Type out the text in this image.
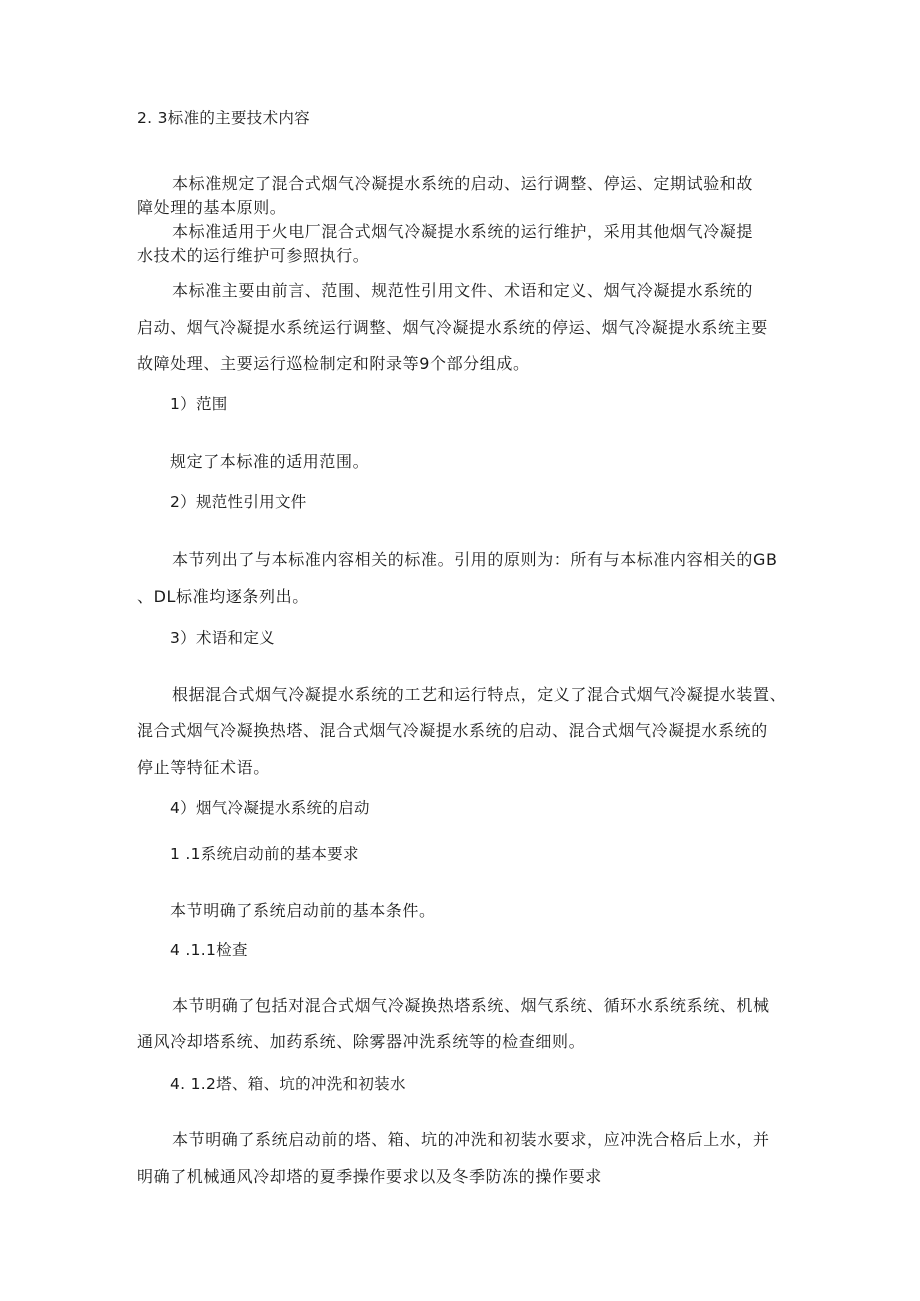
2. 3标准的主要技术内容
本标准规定了混合式烟气冷凝提水系统的启动、运行调整、停运、定期试验和故
障处理的基本原则。
本标准适用于火电厂混合式烟气冷凝提水系统的运行维护，采用其他烟气冷凝提
水技术的运行维护可参照执行。
本标准主要由前言、范围、规范性引用文件、术语和定义、烟气冷凝提水系统的
启动、烟气冷凝提水系统运行调整、烟气冷凝提水系统的停运、烟气冷凝提水系统主要
故障处理、主要运行巡检制定和附录等9个部分组成。
1）范围
规定了本标准的适用范围。
2）规范性引用文件
本节列出了与本标准内容相关的标准。引用的原则为：所有与本标准内容相关的GB
、DL标准均逐条列出。
3）术语和定义
根据混合式烟气冷凝提水系统的工艺和运行特点，定义了混合式烟气冷凝提水装置、
混合式烟气冷凝换热塔、混合式烟气冷凝提水系统的启动、混合式烟气冷凝提水系统的
停止等特征术语。
4）烟气冷凝提水系统的启动
1 .1系统启动前的基本要求
本节明确了系统启动前的基本条件。
4 .1.1检查
本节明确了包括对混合式烟气冷凝换热塔系统、烟气系统、循环水系统系统、机械
通风冷却塔系统、加药系统、除雾器冲洗系统等的检查细则。
4. 1.2塔、箱、坑的冲洗和初装水
本节明确了系统启动前的塔、箱、坑的冲洗和初装水要求，应冲洗合格后上水，并
明确了机械通风冷却塔的夏季操作要求以及冬季防冻的操作要求
